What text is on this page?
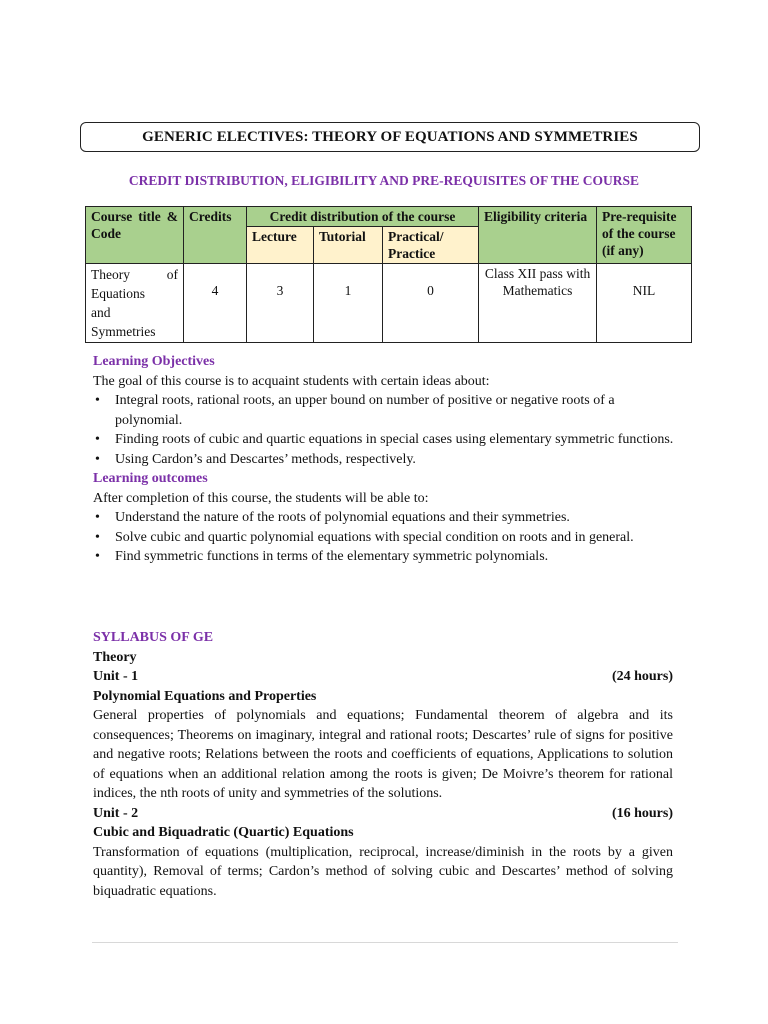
GENERIC ELECTIVES: THEORY OF EQUATIONS AND SYMMETRIES
CREDIT DISTRIBUTION, ELIGIBILITY AND PRE-REQUISITES OF THE COURSE
Course title & Code	Credits	Credit distribution of the course			Eligibility criteria	Pre-requisite of the course (if any)
		Lecture	Tutorial	Practical/ Practice		

Theory of
Equations
and
Symmetries	4	3	1	0	Class XII pass with Mathematics	NIL
Learning Objectives
The goal of this course is to acquaint students with certain ideas about:
• Integral roots, rational roots, an upper bound on number of positive or negative roots of a polynomial.
• Finding roots of cubic and quartic equations in special cases using elementary symmetric functions.
• Using Cardon’s and Descartes’ methods, respectively.
Learning outcomes
After completion of this course, the students will be able to:
• Understand the nature of the roots of polynomial equations and their symmetries.
• Solve cubic and quartic polynomial equations with special condition on roots and in general.
• Find symmetric functions in terms of the elementary symmetric polynomials.
SYLLABUS OF GE
Theory
Unit - 1	(24 hours)
Polynomial Equations and Properties
General properties of polynomials and equations; Fundamental theorem of algebra and its consequences; Theorems on imaginary, integral and rational roots; Descartes’ rule of signs for positive and negative roots; Relations between the roots and coefficients of equations, Applications to solution of equations when an additional relation among the roots is given; De Moivre’s theorem for rational indices, the nth roots of unity and symmetries of the solutions.
Unit - 2	(16 hours)
Cubic and Biquadratic (Quartic) Equations
Transformation of equations (multiplication, reciprocal, increase/diminish in the roots by a given quantity), Removal of terms; Cardon’s method of solving cubic and Descartes’ method of solving biquadratic equations.
